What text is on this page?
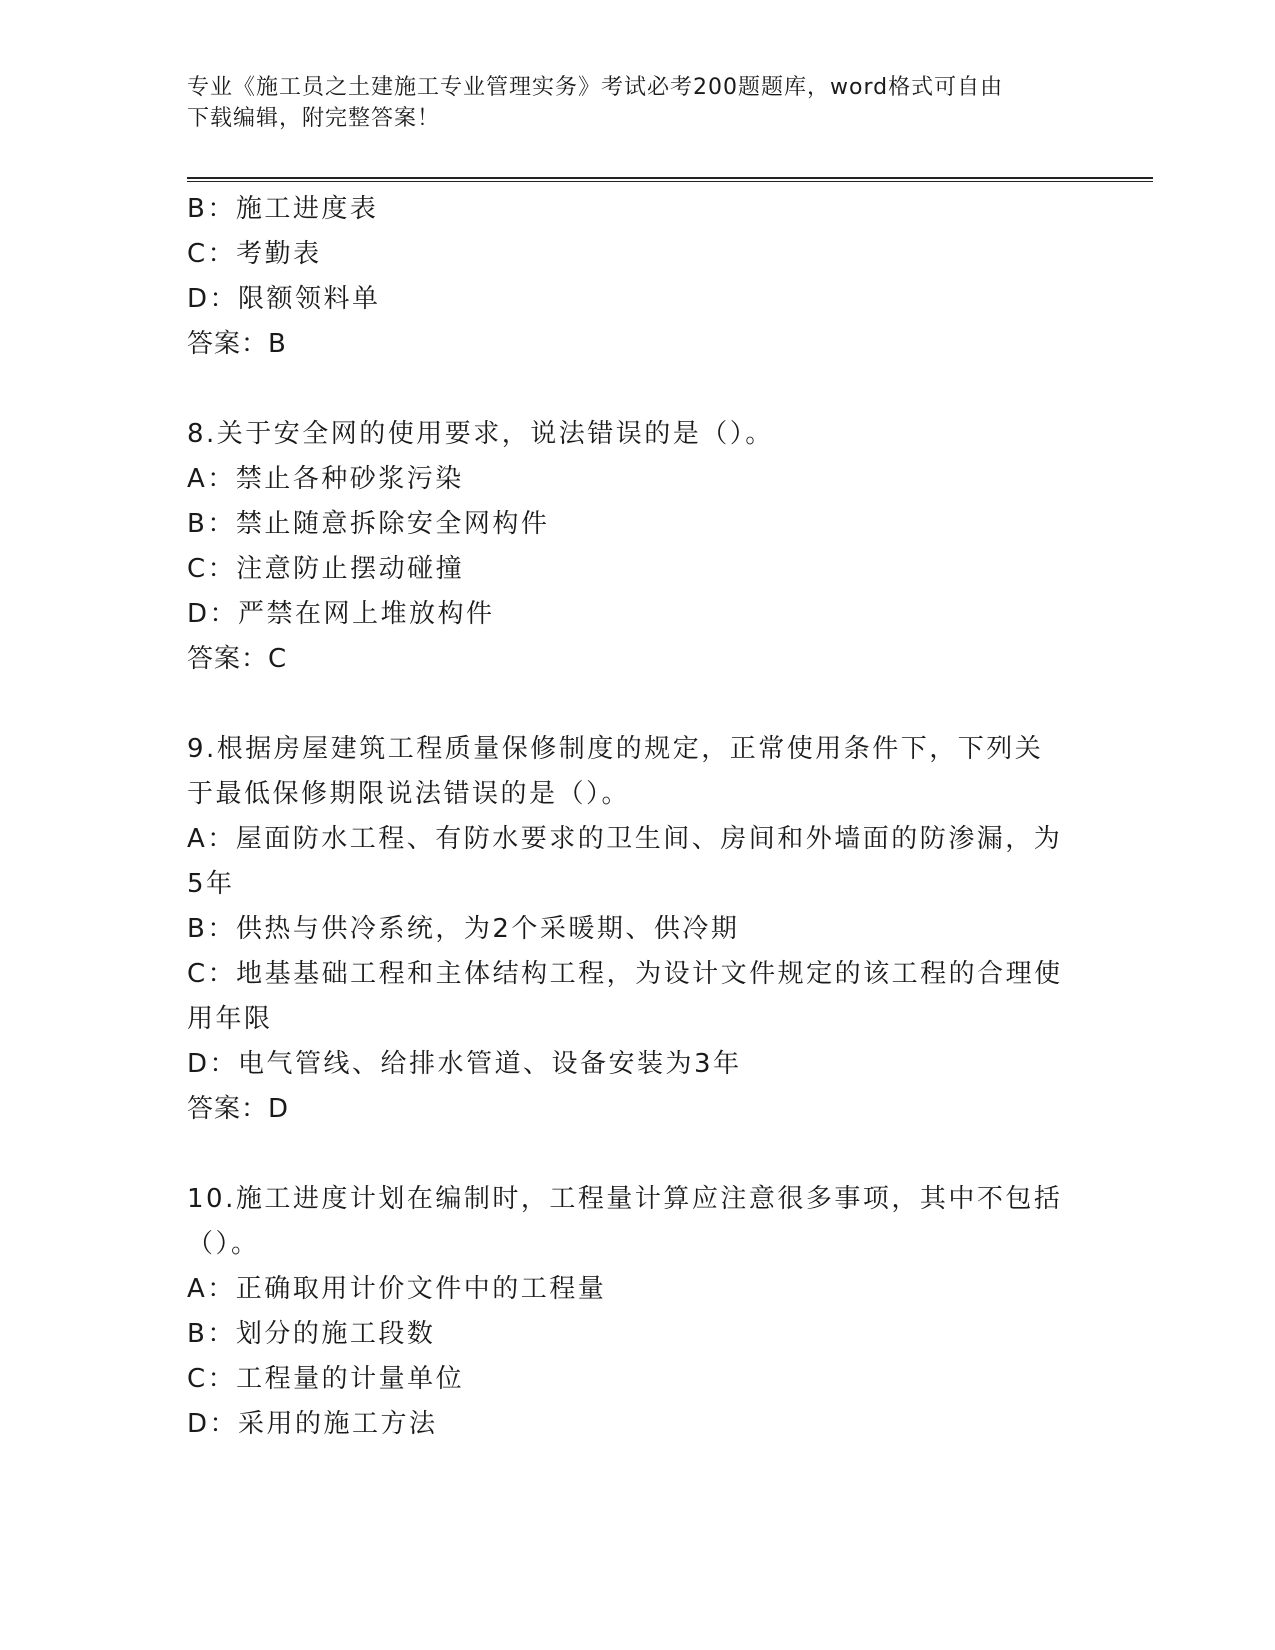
专业《施工员之土建施工专业管理实务》考试必考200题题库，word格式可自由
下载编辑，附完整答案！
B：施工进度表
C：考勤表
D：限额领料单
答案：B
8.关于安全网的使用要求，说法错误的是（）。
A：禁止各种砂浆污染
B：禁止随意拆除安全网构件
C：注意防止摆动碰撞
D：严禁在网上堆放构件
答案：C
9.根据房屋建筑工程质量保修制度的规定，正常使用条件下，下列关
于最低保修期限说法错误的是（）。
A：屋面防水工程、有防水要求的卫生间、房间和外墙面的防渗漏，为
5年
B：供热与供冷系统，为2个采暖期、供冷期
C：地基基础工程和主体结构工程，为设计文件规定的该工程的合理使
用年限
D：电气管线、给排水管道、设备安装为3年
答案：D
10.施工进度计划在编制时，工程量计算应注意很多事项，其中不包括
（）。
A：正确取用计价文件中的工程量
B：划分的施工段数
C：工程量的计量单位
D：采用的施工方法
